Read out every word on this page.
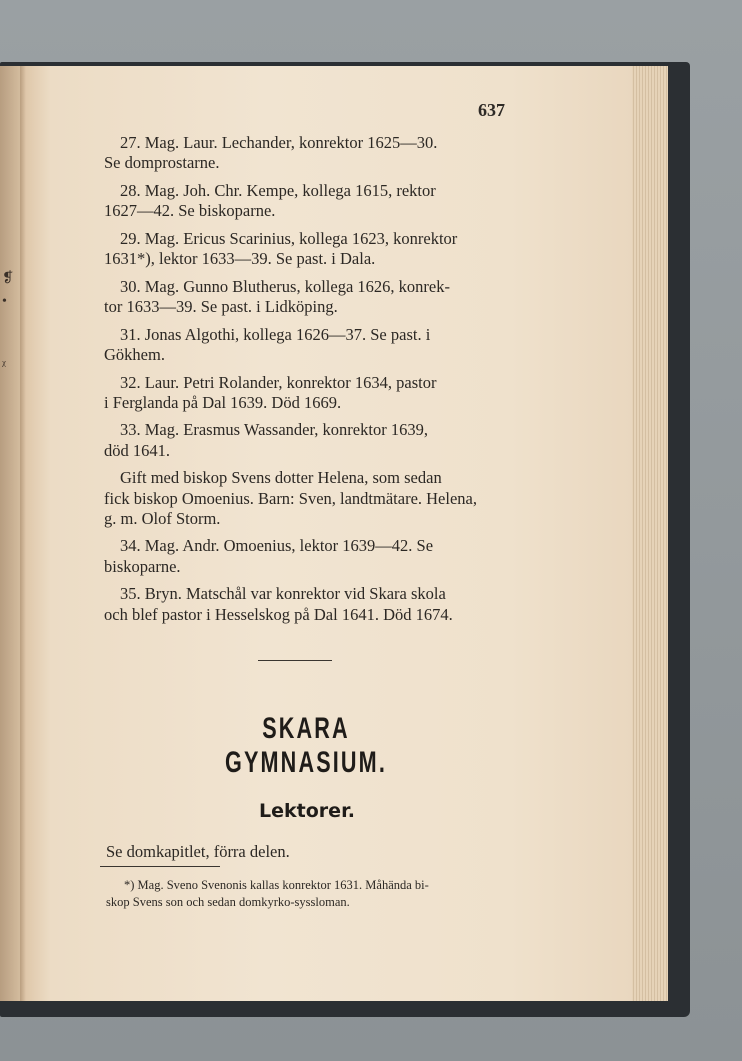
❡
•
ᵡ
637
27. Mag. Laur. Lechander, konrektor 1625—30.
Se domprostarne.
28. Mag. Joh. Chr. Kempe, kollega 1615, rektor
1627—42. Se biskoparne.
29. Mag. Ericus Scarinius, kollega 1623, konrektor
1631*), lektor 1633—39. Se past. i Dala.
30. Mag. Gunno Blutherus, kollega 1626, konrek-
tor 1633—39. Se past. i Lidköping.
31. Jonas Algothi, kollega 1626—37. Se past. i
Gökhem.
32. Laur. Petri Rolander, konrektor 1634, pastor
i Ferglanda på Dal 1639. Död 1669.
33. Mag. Erasmus Wassander, konrektor 1639,
död 1641.
Gift med biskop Svens dotter Helena, som sedan
fick biskop Omoenius. Barn: Sven, landtmätare. Helena,
g. m. Olof Storm.
34. Mag. Andr. Omoenius, lektor 1639—42. Se
biskoparne.
35. Bryn. Matschål var konrektor vid Skara skola
och blef pastor i Hesselskog på Dal 1641. Död 1674.
SKARA GYMNASIUM.
Lektorer.
Se domkapitlet, förra delen.
*) Mag. Sveno Svenonis kallas konrektor 1631. Måhända bi-
skop Svens son och sedan domkyrko-syssloman.
